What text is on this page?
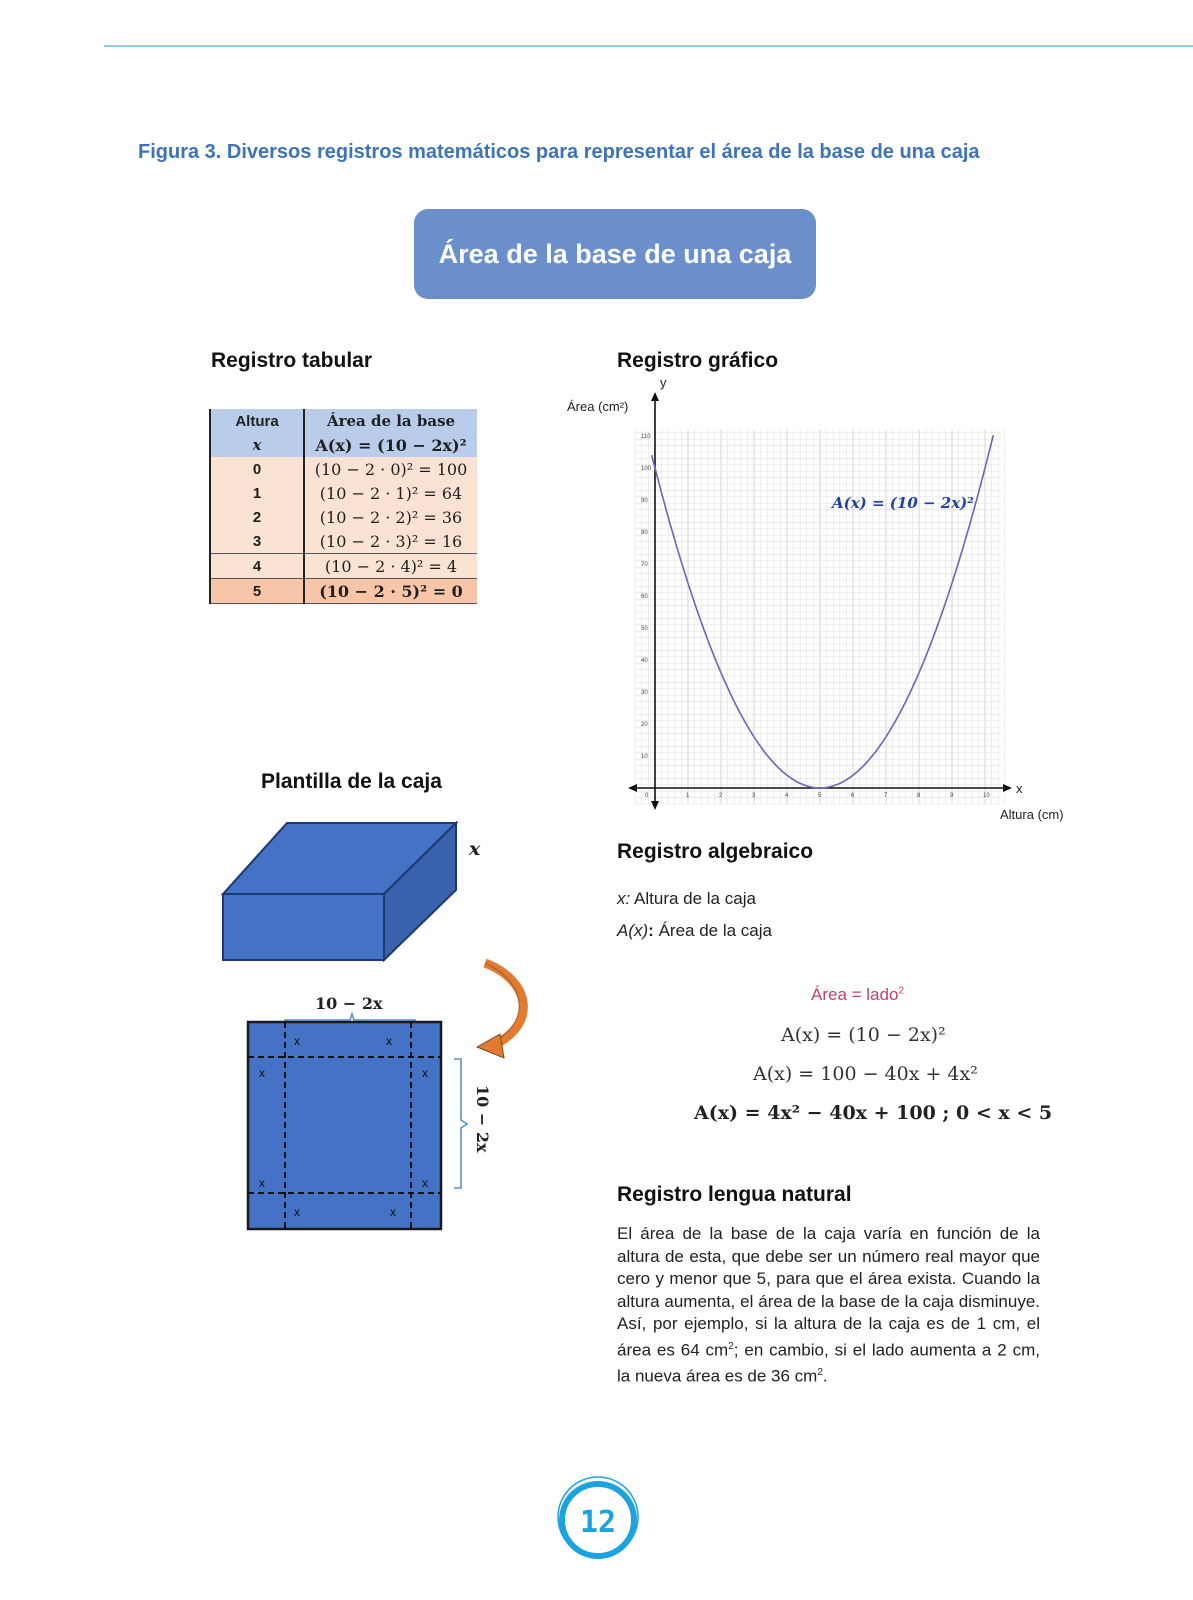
Figura 3. Diversos registros matemáticos para representar el área de la base de una caja
Área de la base de una caja
Registro tabular
Altura	Área de la base
x	A(x) = (10 − 2x)²
0	(10 − 2 · 0)² = 100
1	(10 − 2 · 1)² = 64
2	(10 − 2 · 2)² = 36
3	(10 − 2 · 3)² = 16
4	(10 − 2 · 4)² = 4
5	(10 − 2 · 5)² = 0
Registro gráfico
0	1	2	3	4	5	6	7	8	9	10
10
20
30
40
50
60
70
80
90
100
110
y
x
Área (cm²)
Altura (cm)
A(x) = (10 − 2x)²
Plantilla de la caja
x
10 − 2x
x	x
x	x
x	x
x	x
10 − 2x
Registro algebraico
x: Altura de la caja
A(x): Área de la caja
Área = lado$^2$
A(x) = (10 − 2x)²
A(x) = 100 − 40x + 4x²
A(x) = 4x² − 40x + 100 ; 0 < x < 5
Registro lengua natural
El área de la base de la caja varía en función de la altura de esta, que debe ser un número real mayor que cero y menor que 5, para que el área exista. Cuando la altura aumenta, el área de la base de la caja disminuye. Así, por ejemplo, si la altura de la caja es de 1 cm, el área es 64 $cm^2$; en cambio, si el lado aumenta a 2 cm, la nueva área es de 36 $cm^2$.
12
